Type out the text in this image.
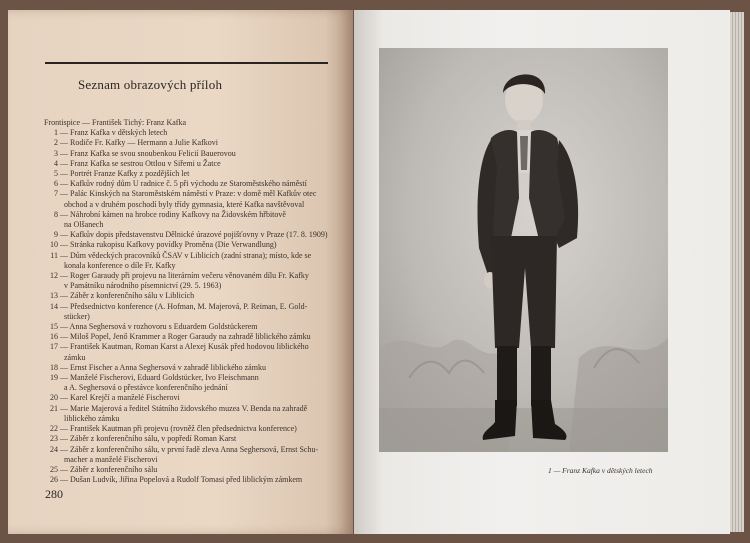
Seznam obrazových příloh
Frontispice — František Tichý: Franz Kafka
1 — Franz Kafka v dětských letech
2 — Rodiče Fr. Kafky — Hermann a Julie Kafkovi
3 — Franz Kafka se svou snoubenkou Felicií Bauerovou
4 — Franz Kafka se sestrou Ottlou v Siřemi u Žatce
5 — Portrét Franze Kafky z pozdějších let
6 — Kafkův rodný dům U radnice č. 5 při východu ze Staroměstského náměstí
7 — Palác Kinských na Staroměstském náměstí v Praze: v domě měl Kafkův otec
obchod a v druhém poschodí byly třídy gymnasia, které Kafka navštěvoval
8 — Náhrobní kámen na hrobce rodiny Kafkovy na Židovském hřbitově
na Olšanech
9 — Kafkův dopis představenstvu Dělnické úrazové pojišťovny v Praze (17. 8. 1909)
10 — Stránka rukopisu Kafkovy povídky Proměna (Die Verwandlung)
11 — Dům vědeckých pracovníků ČSAV v Liblicích (zadní strana); místo, kde se
konala konference o díle Fr. Kafky
12 — Roger Garaudy při projevu na literárním večeru věnovaném dílu Fr. Kafky
v Památníku národního písemnictví (29. 5. 1963)
13 — Záběr z konferenčního sálu v Liblicích
14 — Předsednictvo konference (A. Hofman, M. Majerová, P. Reiman, E. Gold-
stücker)
15 — Anna Seghersová v rozhovoru s Eduardem Goldstückerem
16 — Miloš Popel, Jenő Krammer a Roger Garaudy na zahradě liblického zámku
17 — František Kautman, Roman Karst a Alexej Kusák před hodovou liblického
zámku
18 — Ernst Fischer a Anna Seghersová v zahradě liblického zámku
19 — Manželé Fischerovi, Eduard Goldstücker, Ivo Fleischmann
a A. Seghersová o přestávce konferenčního jednání
20 — Karel Krejčí a manželé Fischerovi
21 — Marie Majerová a ředitel Státního židovského muzea V. Benda na zahradě
liblického zámku
22 — František Kautman při projevu (rovněž člen předsednictva konference)
23 — Záběr z konferenčního sálu, v popředí Roman Karst
24 — Záběr z konferenčního sálu, v první řadě zleva Anna Seghersová, Ernst Schu-
macher a manželé Fischerovi
25 — Záběr z konferenčního sálu
26 — Dušan Ludvík, Jiřina Popelová a Rudolf Tomasi před liblickým zámkem
280
1 — Franz Kafka v dětských letech
